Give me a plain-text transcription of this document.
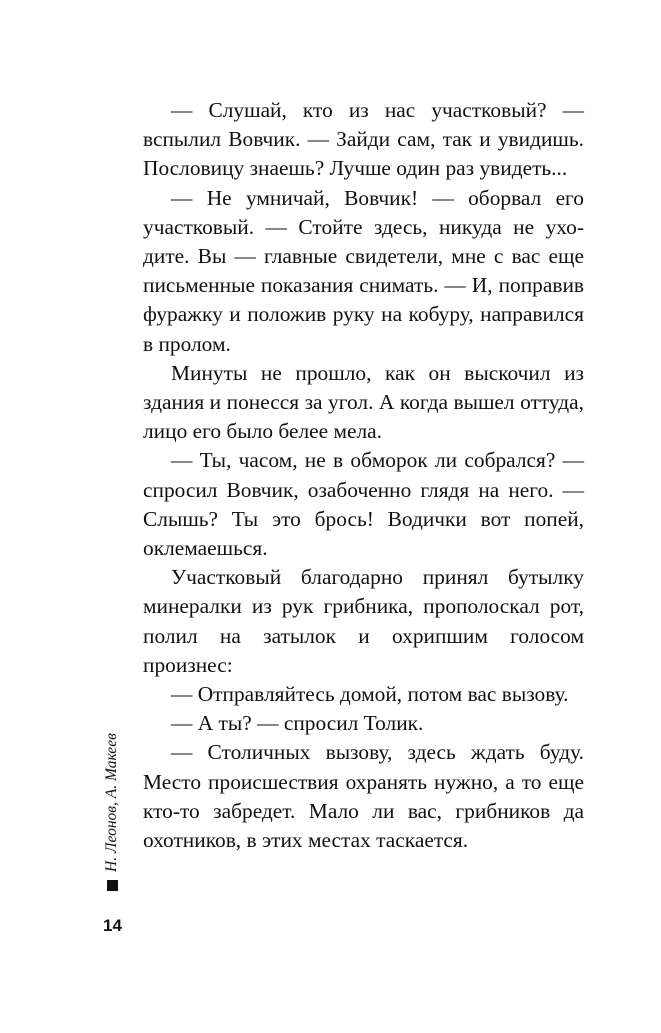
— Слушай, кто из нас участковый? — вспылил Вовчик. — Зайди сам, так и увидишь. Пословицу знаешь? Лучше один раз увидеть...

— Не умничай, Вовчик! — оборвал его участковый. — Стойте здесь, никуда не уходите. Вы — главные свидетели, мне с вас еще письменные показания снимать. — И, поправив фуражку и положив руку на кобуру, направился в пролом.

Минуты не прошло, как он выскочил из здания и понесся за угол. А когда вышел оттуда, лицо его было белее мела.

— Ты, часом, не в обморок ли собрался? — спросил Вовчик, озабоченно глядя на него. — Слышь? Ты это брось! Водички вот попей, оклемаешься.

Участковый благодарно принял бутылку минералки из рук грибника, прополоскал рот, полил на затылок и охрипшим голосом произнес:

— Отправляйтесь домой, потом вас вызову.

— А ты? — спросил Толик.

— Столичных вызову, здесь ждать буду. Место происшествия охранять нужно, а то еще кто-то забредет. Мало ли вас, грибников да охотников, в этих местах таскается.

Н. Леонов, А. Макеев
14
